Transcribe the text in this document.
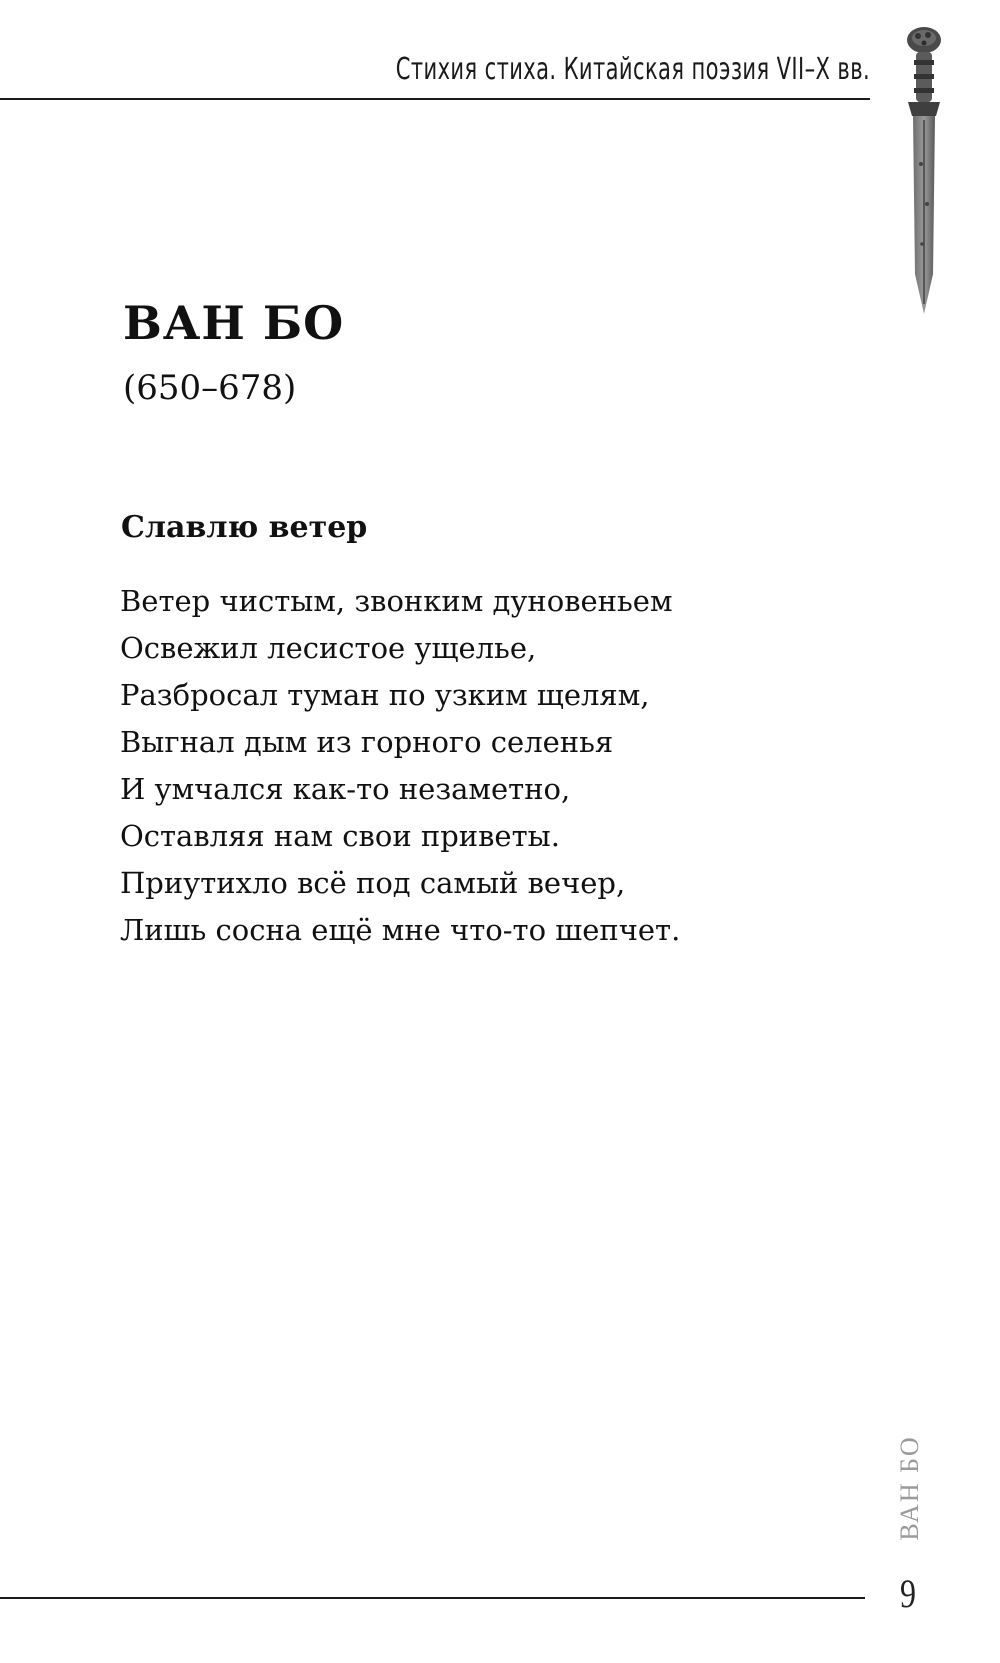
Стихия стиха. Китайская поэзия VII–X вв.
ВАН БО
(650–678)
Славлю ветер
Ветер чистым, звонким дуновеньем
Освежил лесистое ущелье,
Разбросал туман по узким щелям,
Выгнал дым из горного селенья
И умчался как-то незаметно,
Оставляя нам свои приветы.
Приутихло всё под самый вечер,
Лишь сосна ещё мне что-то шепчет.
ВАН БО
9
